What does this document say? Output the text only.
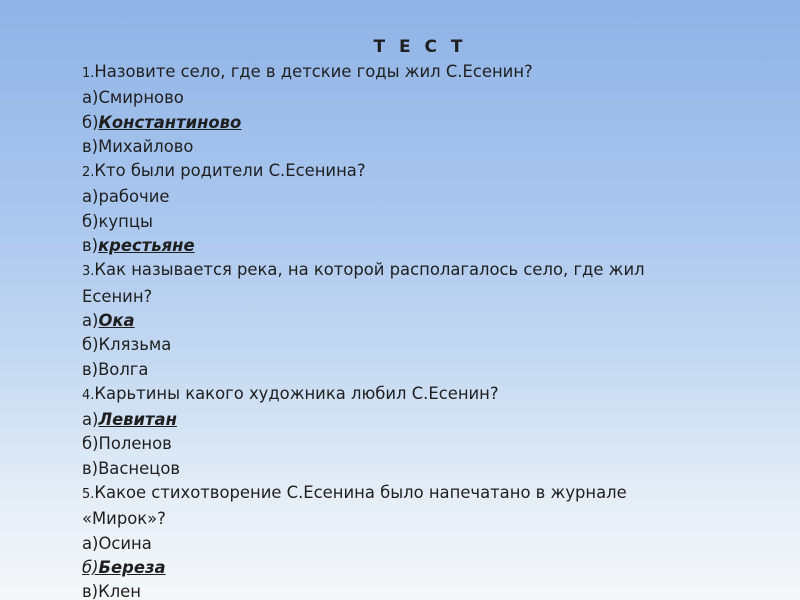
Т Е С Т
1.Назовите село, где в детские годы жил С.Есенин?
а)Смирново
б)Константиново
в)Михайлово
2.Кто были родители С.Есенина?
а)рабочие
б)купцы
в)крестьяне
3.Как называется река, на которой располагалось село, где жил
Есенин?
а)Ока
б)Клязьма
в)Волга
4.Карьтины какого художника любил С.Есенин?
а)Левитан
б)Поленов
в)Васнецов
5.Какое стихотворение С.Есенина было напечатано в журнале
«Мирок»?
а)Осина
б)Береза
в)Клен
